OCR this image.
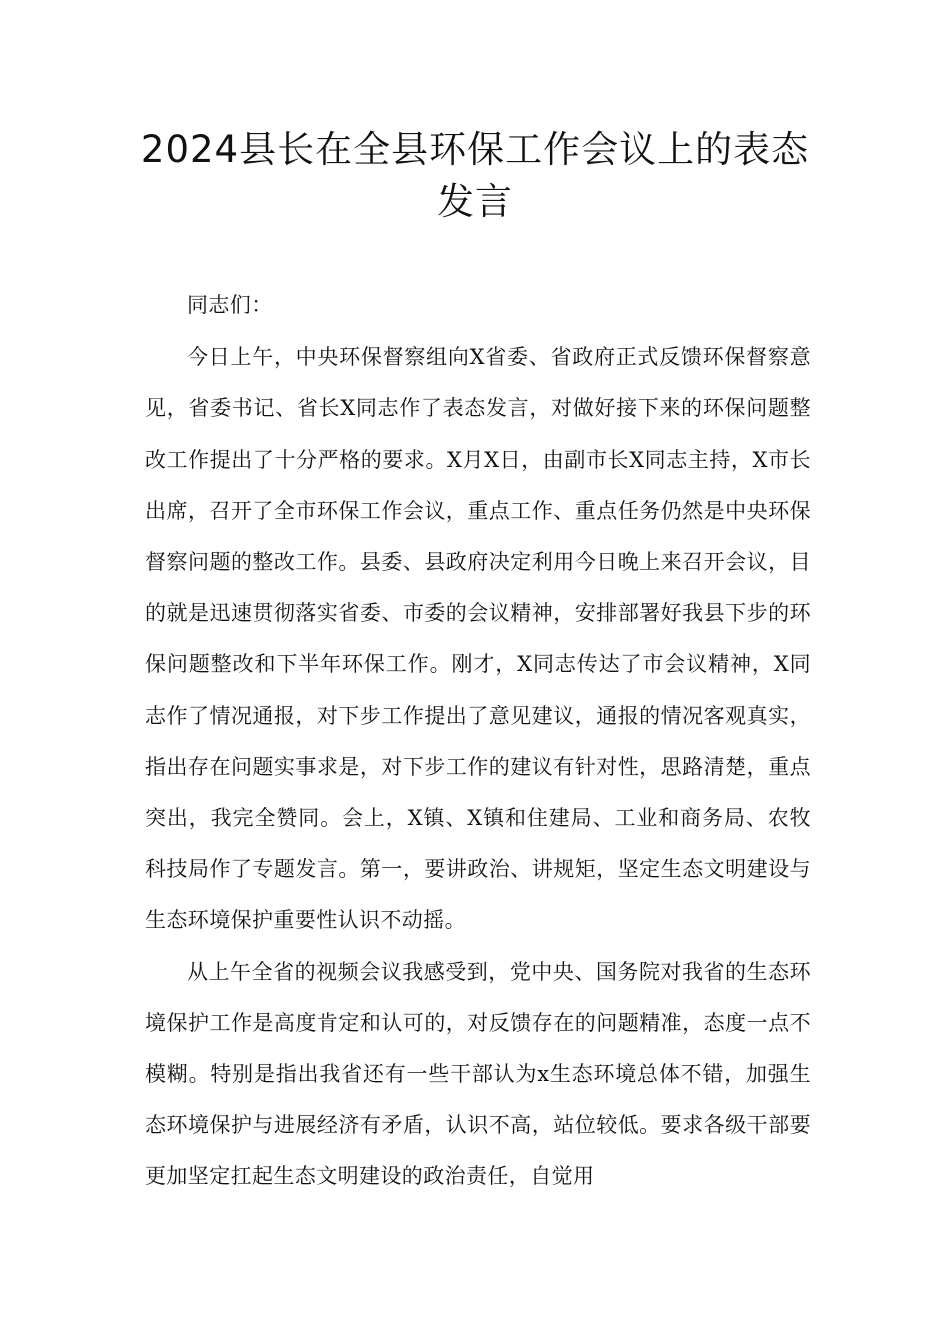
2024县长在全县环保工作会议上的表态发言

同志们：

今日上午，中央环保督察组向X省委、省政府正式反馈环保督察意见，省委书记、省长X同志作了表态发言，对做好接下来的环保问题整改工作提出了十分严格的要求。X月X日，由副市长X同志主持，X市长出席，召开了全市环保工作会议，重点工作、重点任务仍然是中央环保督察问题的整改工作。县委、县政府决定利用今日晚上来召开会议，目的就是迅速贯彻落实省委、市委的会议精神，安排部署好我县下步的环保问题整改和下半年环保工作。刚才，X同志传达了市会议精神，X同志作了情况通报，对下步工作提出了意见建议，通报的情况客观真实，指出存在问题实事求是，对下步工作的建议有针对性，思路清楚，重点突出，我完全赞同。会上，X镇、X镇和住建局、工业和商务局、农牧科技局作了专题发言。第一，要讲政治、讲规矩，坚定生态文明建设与生态环境保护重要性认识不动摇。

从上午全省的视频会议我感受到，党中央、国务院对我省的生态环境保护工作是高度肯定和认可的，对反馈存在的问题精准，态度一点不模糊。特别是指出我省还有一些干部认为x生态环境总体不错，加强生态环境保护与进展经济有矛盾，认识不高，站位较低。要求各级干部要更加坚定扛起生态文明建设的政治责任，自觉用
